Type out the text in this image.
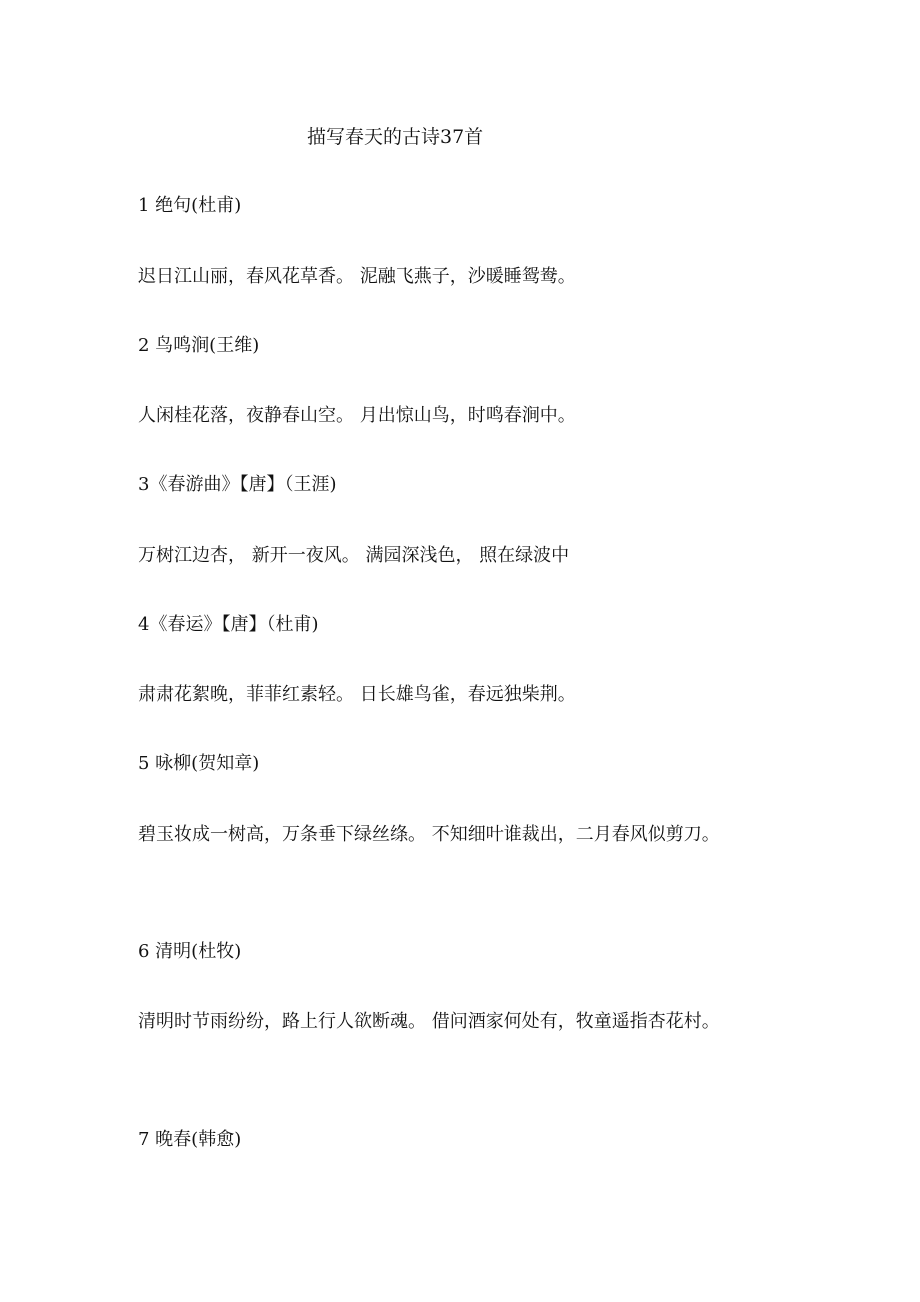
描写春天的古诗37首
1 绝句(杜甫)
迟日江山丽，春风花草香。 泥融飞燕子，沙暖睡鸳鸯。
2 鸟鸣涧(王维)
人闲桂花落，夜静春山空。 月出惊山鸟，时鸣春涧中。
3《春游曲》【唐】（王涯)
万树江边杏， 新开一夜风。 满园深浅色， 照在绿波中
4《春运》【唐】（杜甫)
肃肃花絮晚，菲菲红素轻。 日长雄鸟雀，春远独柴荆。
5 咏柳(贺知章)
碧玉妆成一树高，万条垂下绿丝绦。 不知细叶谁裁出，二月春风似剪刀。
6 清明(杜牧)
清明时节雨纷纷，路上行人欲断魂。 借问酒家何处有，牧童遥指杏花村。
7 晚春(韩愈)
